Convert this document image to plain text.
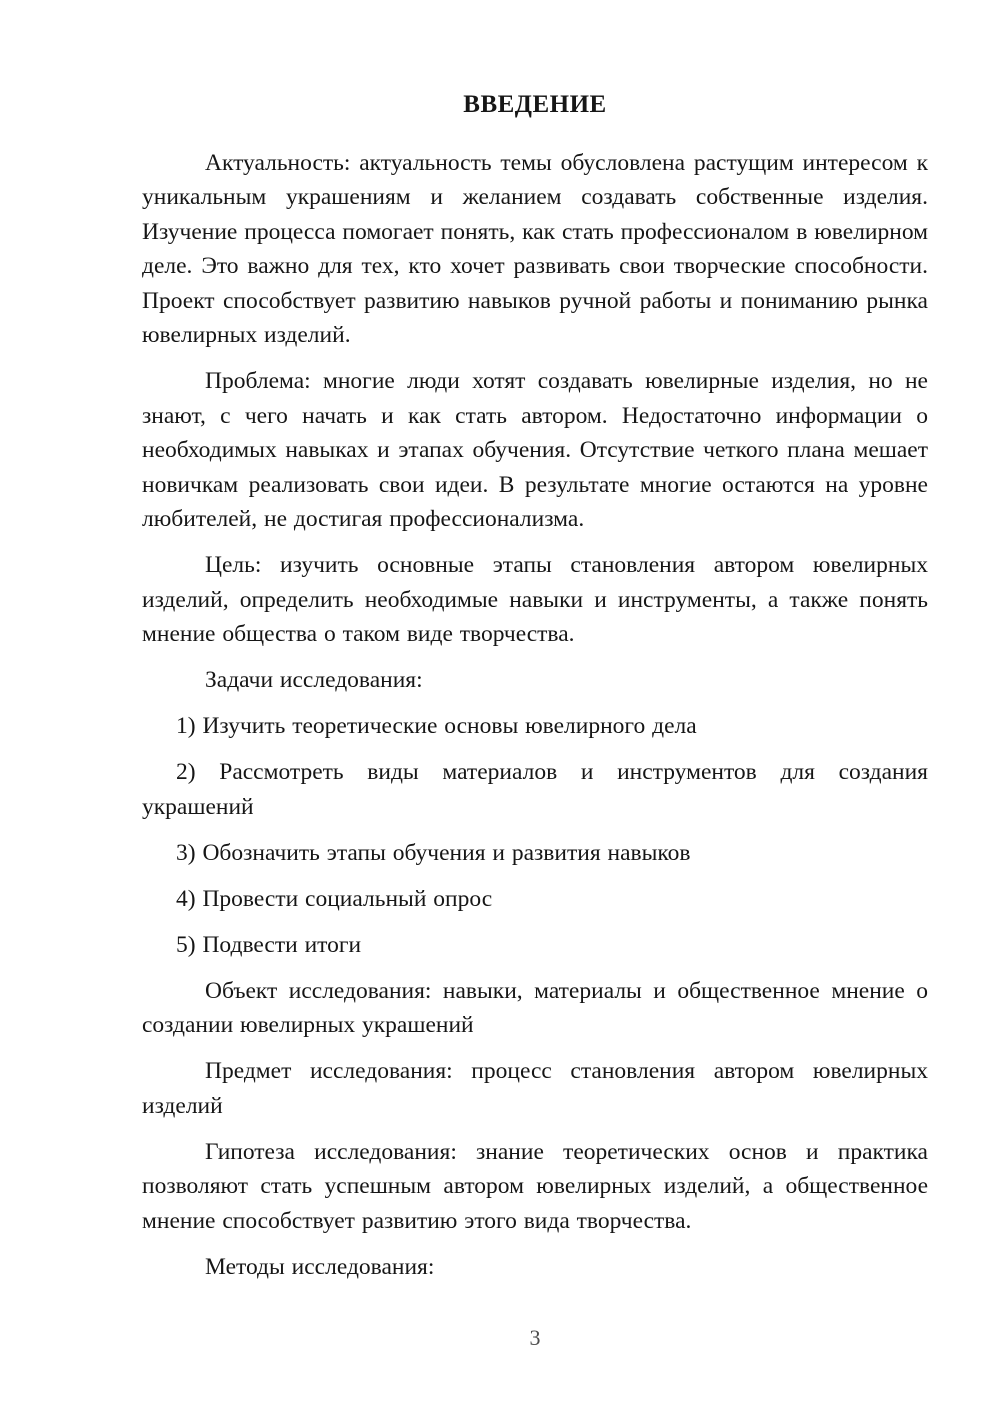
ВВЕДЕНИЕ

Актуальность: актуальность темы обусловлена растущим интересом к уникальным украшениям и желанием создавать собственные изделия. Изучение процесса помогает понять, как стать профессионалом в ювелирном деле. Это важно для тех, кто хочет развивать свои творческие способности. Проект способствует развитию навыков ручной работы и пониманию рынка ювелирных изделий.

Проблема: многие люди хотят создавать ювелирные изделия, но не знают, с чего начать и как стать автором. Недостаточно информации о необходимых навыках и этапах обучения. Отсутствие четкого плана мешает новичкам реализовать свои идеи. В результате многие остаются на уровне любителей, не достигая профессионализма.

Цель: изучить основные этапы становления автором ювелирных изделий, определить необходимые навыки и инструменты, а также понять мнение общества о таком виде творчества.

Задачи исследования:

1) Изучить теоретические основы ювелирного дела

2) Рассмотреть виды материалов и инструментов для создания украшений

3) Обозначить этапы обучения и развития навыков

4) Провести социальный опрос

5) Подвести итоги

Объект исследования: навыки, материалы и общественное мнение о создании ювелирных украшений

Предмет исследования: процесс становления автором ювелирных изделий

Гипотеза исследования: знание теоретических основ и практика позволяют стать успешным автором ювелирных изделий, а общественное мнение способствует развитию этого вида творчества.

Методы исследования:

3
